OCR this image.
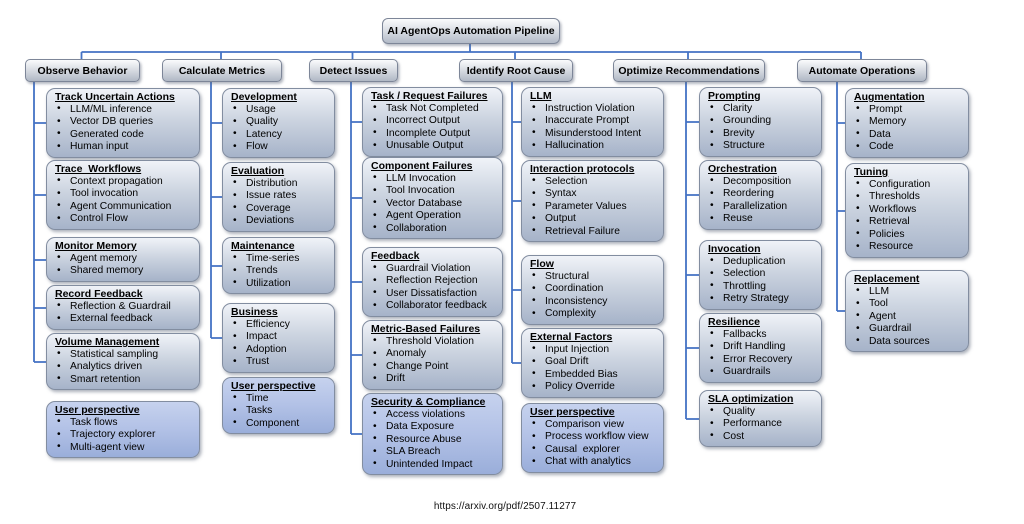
Observe Behavior
Track Uncertain Actions
• LLM/ML inference
• Vector DB queries
• Generated code
• Human input
Trace  Workflows
• Context propagation
• Tool invocation
• Agent Communication
• Control Flow
Monitor Memory
• Agent memory
• Shared memory
Record Feedback
• Reflection & Guardrail
• External feedback
Volume Management
• Statistical sampling
• Analytics driven
• Smart retention
User perspective
• Task flows
• Trajectory explorer
• Multi-agent view
Calculate Metrics
Development
• Usage
• Quality
• Latency
• Flow
Evaluation
• Distribution
• Issue rates
• Coverage
• Deviations
Maintenance
• Time-series
• Trends
• Utilization
Business
• Efficiency
• Impact
• Adoption
• Trust
User perspective
• Time
• Tasks
• Component
Detect Issues
Task / Request Failures
• Task Not Completed
• Incorrect Output
• Incomplete Output
• Unusable Output
Component Failures
• LLM Invocation
• Tool Invocation
• Vector Database
• Agent Operation
• Collaboration
Feedback
• Guardrail Violation
• Reflection Rejection
• User Dissatisfaction
• Collaborator feedback
Metric-Based Failures
• Threshold Violation
• Anomaly
• Change Point
• Drift
Security & Compliance
• Access violations
• Data Exposure
• Resource Abuse
• SLA Breach
• Unintended Impact
Identify Root Cause
LLM
• Instruction Violation
• Inaccurate Prompt
• Misunderstood Intent
• Hallucination
Interaction protocols
• Selection
• Syntax
• Parameter Values
• Output
• Retrieval Failure
Flow
• Structural
• Coordination
• Inconsistency
• Complexity
External Factors
• Input Injection
• Goal Drift
• Embedded Bias
• Policy Override
User perspective
• Comparison view
• Process workflow view
• Causal  explorer
• Chat with analytics
Optimize Recommendations
Prompting
• Clarity
• Grounding
• Brevity
• Structure
Orchestration
• Decomposition
• Reordering
• Parallelization
• Reuse
Invocation
• Deduplication
• Selection
• Throttling
• Retry Strategy
Resilience
• Fallbacks
• Drift Handling
• Error Recovery
• Guardrails
SLA optimization
• Quality
• Performance
• Cost
Automate Operations
Augmentation
• Prompt
• Memory
• Data
• Code
Tuning
• Configuration
• Thresholds
• Workflows
• Retrieval
• Policies
• Resource
Replacement
• LLM
• Tool
• Agent
• Guardrail
• Data sources
AI AgentOps Automation Pipeline
https://arxiv.org/pdf/2507.11277
